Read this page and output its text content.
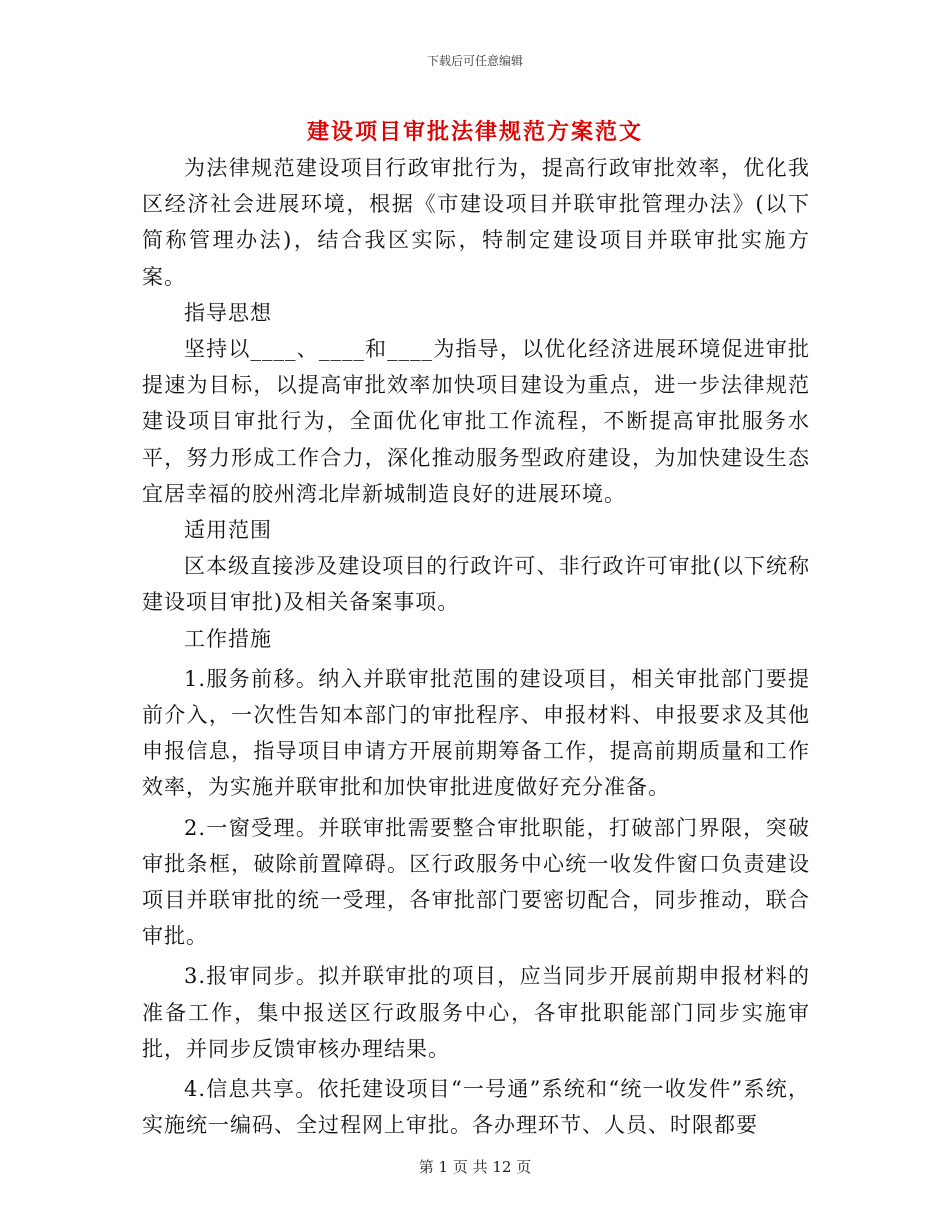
下载后可任意编辑
建设项目审批法律规范方案范文

为法律规范建设项目行政审批行为，提高行政审批效率，优化我区经济社会进展环境，根据《市建设项目并联审批管理办法》(以下简称管理办法)，结合我区实际，特制定建设项目并联审批实施方案。

指导思想

坚持以____、____和____为指导，以优化经济进展环境促进审批提速为目标，以提高审批效率加快项目建设为重点，进一步法律规范建设项目审批行为，全面优化审批工作流程，不断提高审批服务水平，努力形成工作合力，深化推动服务型政府建设，为加快建设生态宜居幸福的胶州湾北岸新城制造良好的进展环境。

适用范围

区本级直接涉及建设项目的行政许可、非行政许可审批(以下统称建设项目审批)及相关备案事项。

工作措施

1.服务前移。纳入并联审批范围的建设项目，相关审批部门要提前介入，一次性告知本部门的审批程序、申报材料、申报要求及其他申报信息，指导项目申请方开展前期筹备工作，提高前期质量和工作效率，为实施并联审批和加快审批进度做好充分准备。

2.一窗受理。并联审批需要整合审批职能，打破部门界限，突破审批条框，破除前置障碍。区行政服务中心统一收发件窗口负责建设项目并联审批的统一受理，各审批部门要密切配合，同步推动，联合审批。

3.报审同步。拟并联审批的项目，应当同步开展前期申报材料的准备工作，集中报送区行政服务中心，各审批职能部门同步实施审批，并同步反馈审核办理结果。

4.信息共享。依托建设项目“一号通”系统和“统一收发件”系统，实施统一编码、全过程网上审批。各办理环节、人员、时限都要

第 1 页 共 12 页
